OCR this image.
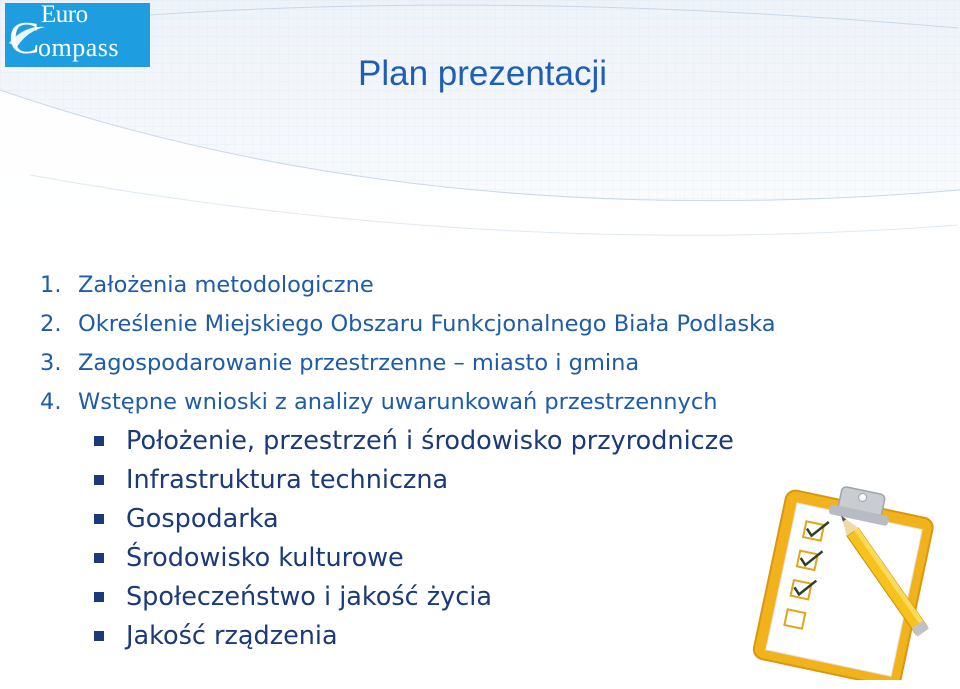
Euro
C
ompass
Plan prezentacji
1. Założenia metodologiczne
2. Określenie Miejskiego Obszaru Funkcjonalnego Biała Podlaska
3. Zagospodarowanie przestrzenne – miasto i gmina
4. Wstępne wnioski z analizy uwarunkowań przestrzennych
Położenie, przestrzeń i środowisko przyrodnicze
Infrastruktura techniczna
Gospodarka
Środowisko kulturowe
Społeczeństwo i jakość życia
Jakość rządzenia
